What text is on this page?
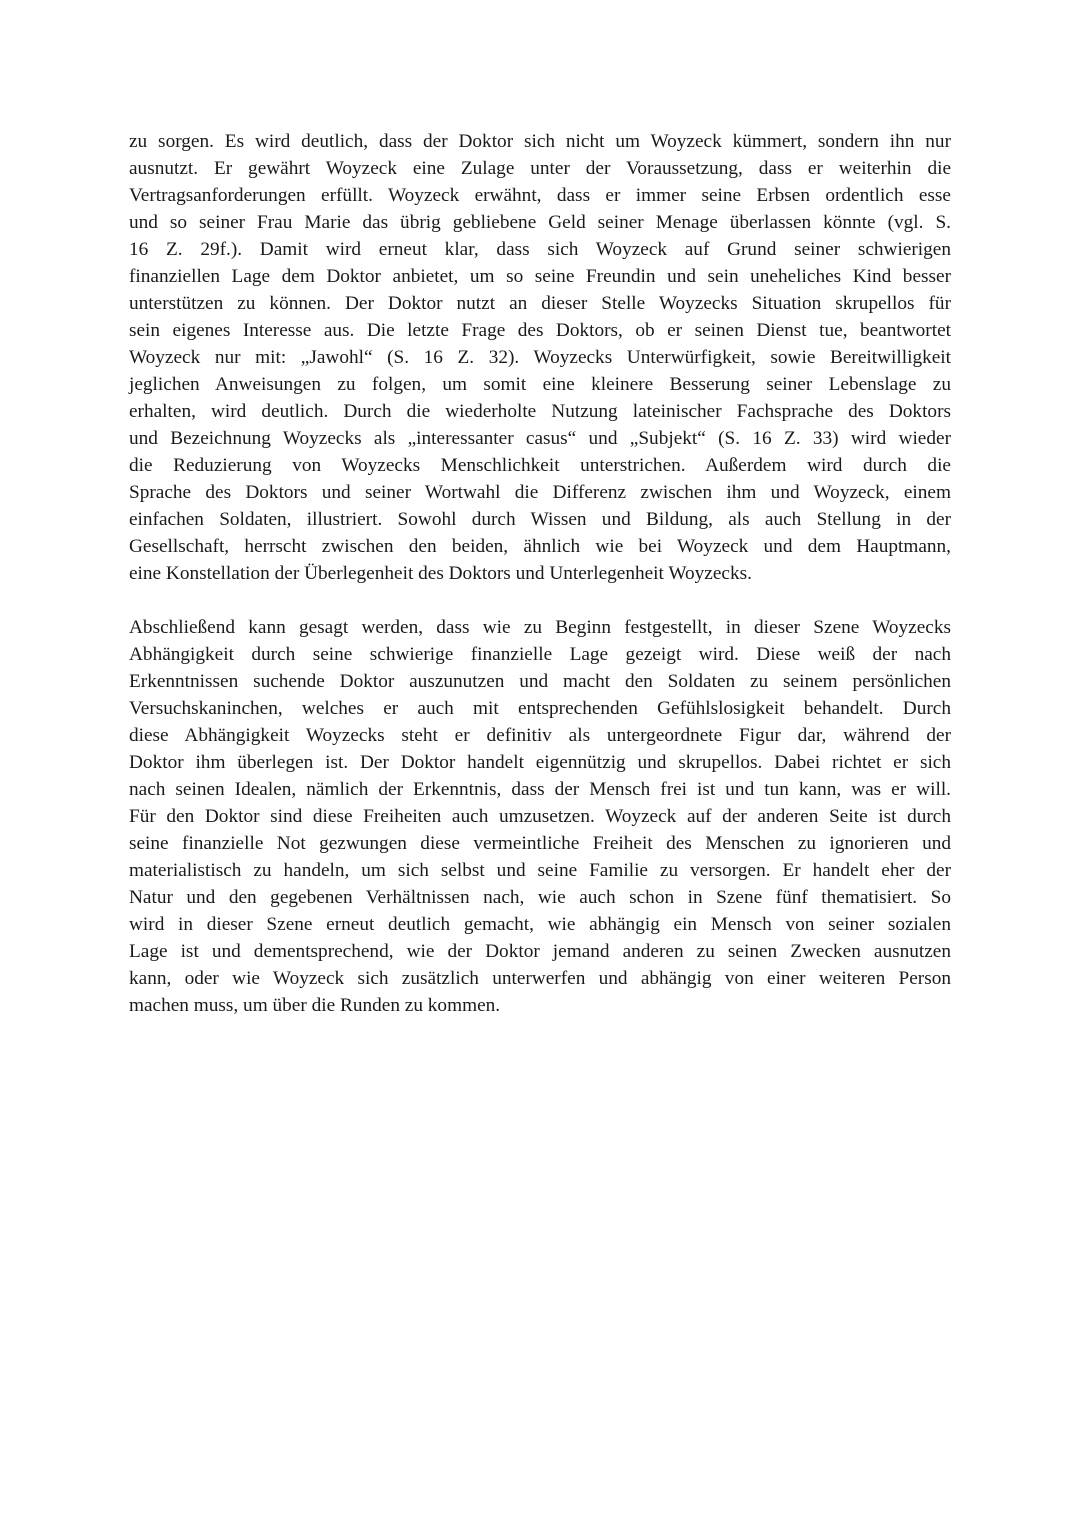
zu sorgen. Es wird deutlich, dass der Doktor sich nicht um Woyzeck kümmert, sondern ihn nur
ausnutzt. Er gewährt Woyzeck eine Zulage unter der Voraussetzung, dass er weiterhin die
Vertragsanforderungen erfüllt. Woyzeck erwähnt, dass er immer seine Erbsen ordentlich esse
und so seiner Frau Marie das übrig gebliebene Geld seiner Menage überlassen könnte (vgl. S.
16 Z. 29f.). Damit wird erneut klar, dass sich Woyzeck auf Grund seiner schwierigen
finanziellen Lage dem Doktor anbietet, um so seine Freundin und sein uneheliches Kind besser
unterstützen zu können. Der Doktor nutzt an dieser Stelle Woyzecks Situation skrupellos für
sein eigenes Interesse aus. Die letzte Frage des Doktors, ob er seinen Dienst tue, beantwortet
Woyzeck nur mit: „Jawohl“ (S. 16 Z. 32). Woyzecks Unterwürfigkeit, sowie Bereitwilligkeit
jeglichen Anweisungen zu folgen, um somit eine kleinere Besserung seiner Lebenslage zu
erhalten, wird deutlich. Durch die wiederholte Nutzung lateinischer Fachsprache des Doktors
und Bezeichnung Woyzecks als „interessanter casus“ und „Subjekt“ (S. 16 Z. 33) wird wieder
die Reduzierung von Woyzecks Menschlichkeit unterstrichen. Außerdem wird durch die
Sprache des Doktors und seiner Wortwahl die Differenz zwischen ihm und Woyzeck, einem
einfachen Soldaten, illustriert. Sowohl durch Wissen und Bildung, als auch Stellung in der
Gesellschaft, herrscht zwischen den beiden, ähnlich wie bei Woyzeck und dem Hauptmann,
eine Konstellation der Überlegenheit des Doktors und Unterlegenheit Woyzecks.
Abschließend kann gesagt werden, dass wie zu Beginn festgestellt, in dieser Szene Woyzecks
Abhängigkeit durch seine schwierige finanzielle Lage gezeigt wird. Diese weiß der nach
Erkenntnissen suchende Doktor auszunutzen und macht den Soldaten zu seinem persönlichen
Versuchskaninchen, welches er auch mit entsprechenden Gefühlslosigkeit behandelt. Durch
diese Abhängigkeit Woyzecks steht er definitiv als untergeordnete Figur dar, während der
Doktor ihm überlegen ist. Der Doktor handelt eigennützig und skrupellos. Dabei richtet er sich
nach seinen Idealen, nämlich der Erkenntnis, dass der Mensch frei ist und tun kann, was er will.
Für den Doktor sind diese Freiheiten auch umzusetzen. Woyzeck auf der anderen Seite ist durch
seine finanzielle Not gezwungen diese vermeintliche Freiheit des Menschen zu ignorieren und
materialistisch zu handeln, um sich selbst und seine Familie zu versorgen. Er handelt eher der
Natur und den gegebenen Verhältnissen nach, wie auch schon in Szene fünf thematisiert. So
wird in dieser Szene erneut deutlich gemacht, wie abhängig ein Mensch von seiner sozialen
Lage ist und dementsprechend, wie der Doktor jemand anderen zu seinen Zwecken ausnutzen
kann, oder wie Woyzeck sich zusätzlich unterwerfen und abhängig von einer weiteren Person
machen muss, um über die Runden zu kommen.
